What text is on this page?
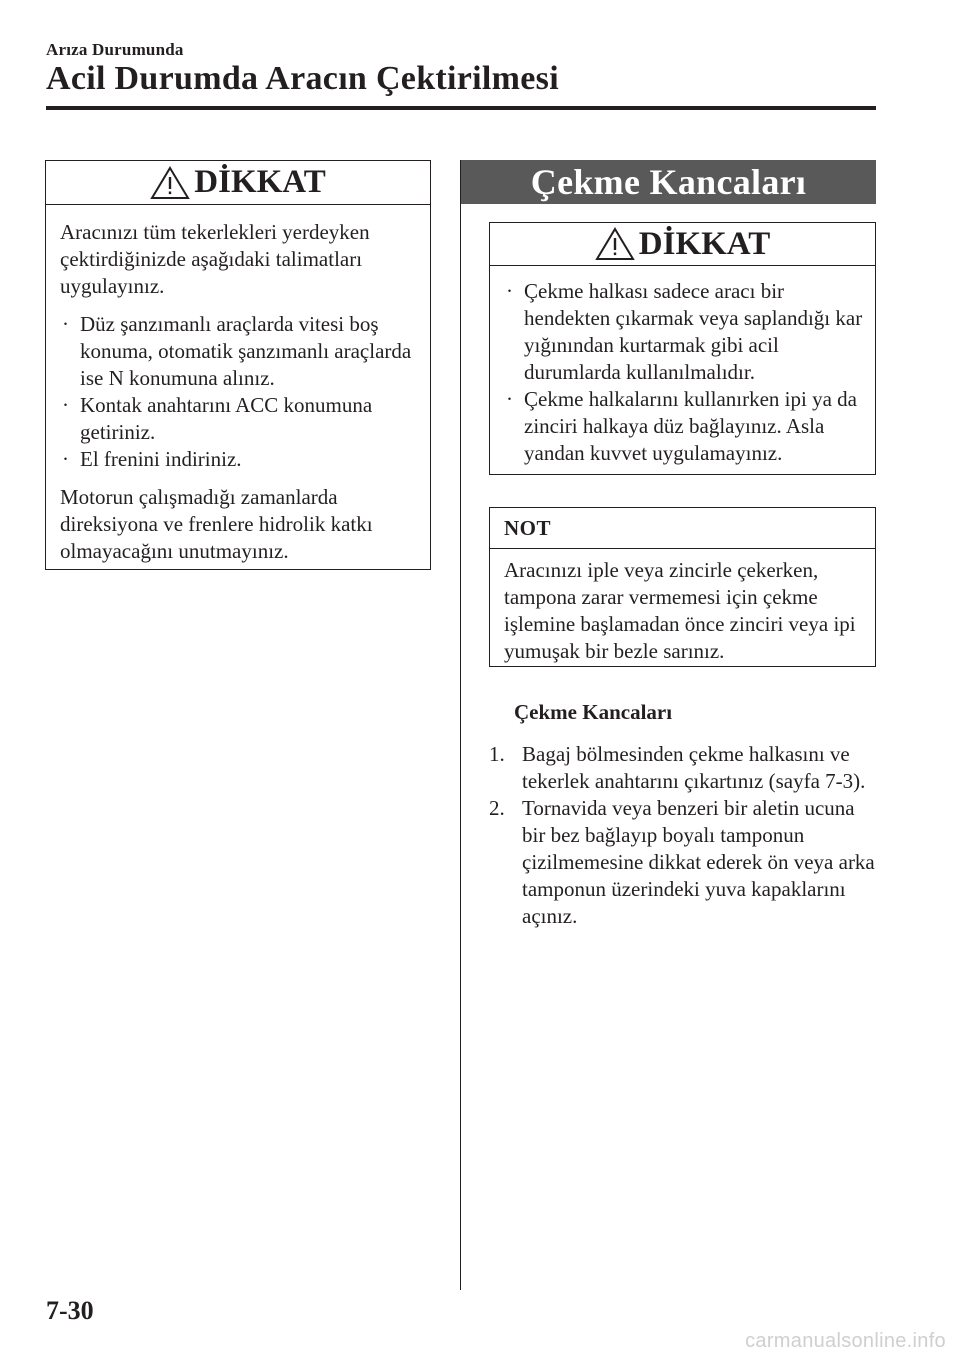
Arıza Durumunda
Acil Durumda Aracın Çektirilmesi
DİKKAT

Aracınızı tüm tekerlekleri yerdeyken çektirdiğinizde aşağıdaki talimatları uygulayınız.

· Düz şanzımanlı araçlarda vitesi boş konuma, otomatik şanzımanlı araçlarda ise N konumuna alınız.
· Kontak anahtarını ACC konumuna getiriniz.
· El frenini indiriniz.

Motorun çalışmadığı zamanlarda direksiyona ve frenlere hidrolik katkı olmayacağını unutmayınız.

Çekme Kancaları
DİKKAT
· Çekme halkası sadece aracı bir hendekten çıkarmak veya saplandığı kar yığınından kurtarmak gibi acil durumlarda kullanılmalıdır.
· Çekme halkalarını kullanırken ipi ya da zinciri halkaya düz bağlayınız. Asla yandan kuvvet uygulamayınız.
NOT

Aracınızı iple veya zincirle çekerken, tampona zarar vermemesi için çekme işlemine başlamadan önce zinciri veya ipi yumuşak bir bezle sarınız.

Çekme Kancaları
1. Bagaj bölmesinden çekme halkasını ve tekerlek anahtarını çıkartınız (sayfa 7-3).
2. Tornavida veya benzeri bir aletin ucuna bir bez bağlayıp boyalı tamponun çizilmemesine dikkat ederek ön veya arka tamponun üzerindeki yuva kapaklarını açınız.
7-30
carmanualsonline.info
